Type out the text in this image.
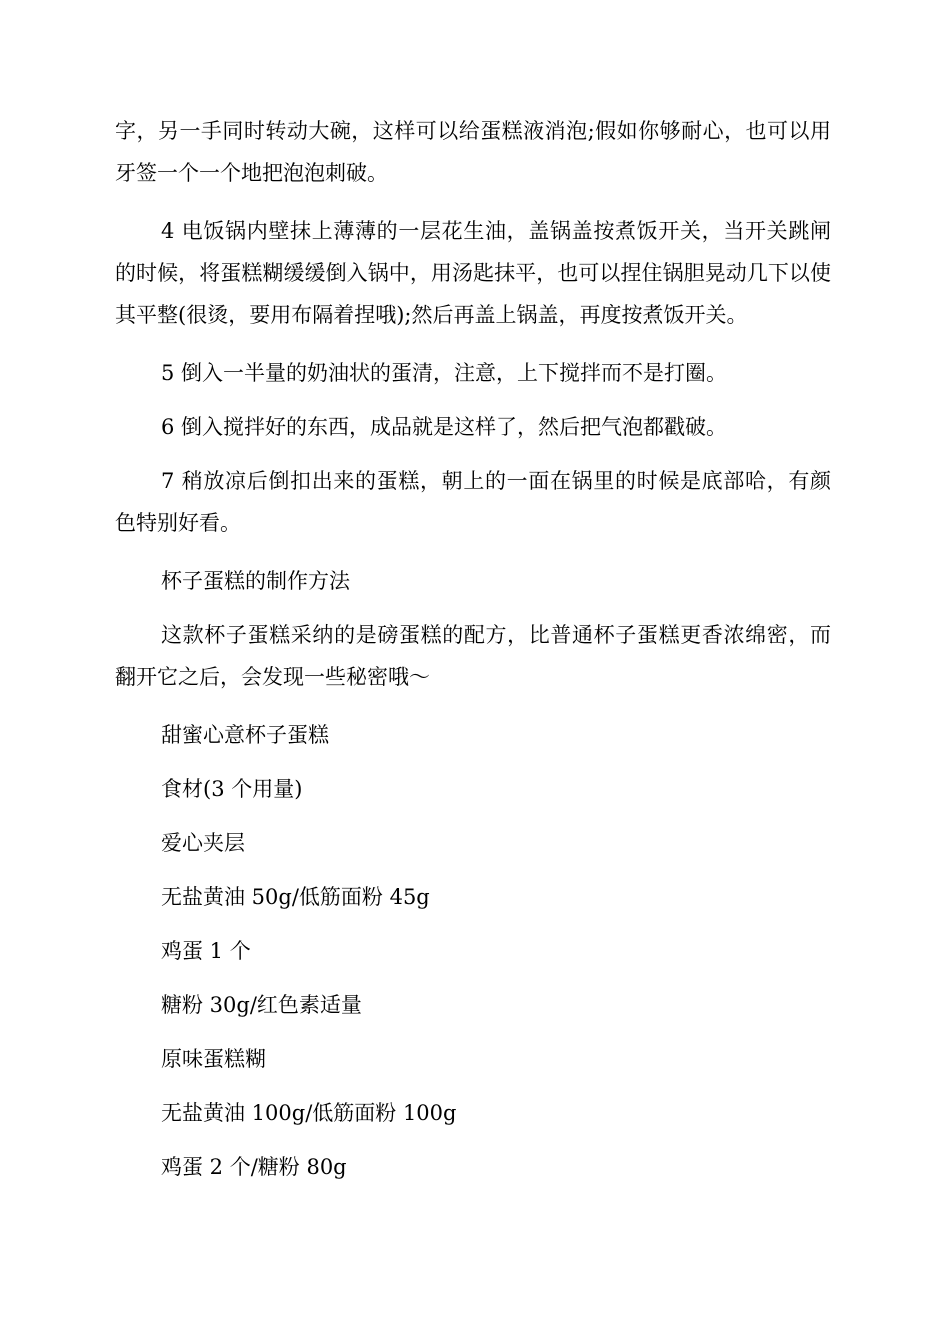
字，另一手同时转动大碗，这样可以给蛋糕液消泡;假如你够耐心，也可以用牙签一个一个地把泡泡刺破。

4 电饭锅内壁抹上薄薄的一层花生油，盖锅盖按煮饭开关，当开关跳闸的时候，将蛋糕糊缓缓倒入锅中，用汤匙抹平，也可以捏住锅胆晃动几下以使其平整(很烫，要用布隔着捏哦);然后再盖上锅盖，再度按煮饭开关。

5 倒入一半量的奶油状的蛋清，注意，上下搅拌而不是打圈。

6 倒入搅拌好的东西，成品就是这样了，然后把气泡都戳破。

7 稍放凉后倒扣出来的蛋糕，朝上的一面在锅里的时候是底部哈，有颜色特别好看。

杯子蛋糕的制作方法

这款杯子蛋糕采纳的是磅蛋糕的配方，比普通杯子蛋糕更香浓绵密，而翻开它之后，会发现一些秘密哦～

甜蜜心意杯子蛋糕

食材(3 个用量)

爱心夹层

无盐黄油 50g/低筋面粉 45g

鸡蛋 1 个

糖粉 30g/红色素适量

原味蛋糕糊

无盐黄油 100g/低筋面粉 100g

鸡蛋 2 个/糖粉 80g
